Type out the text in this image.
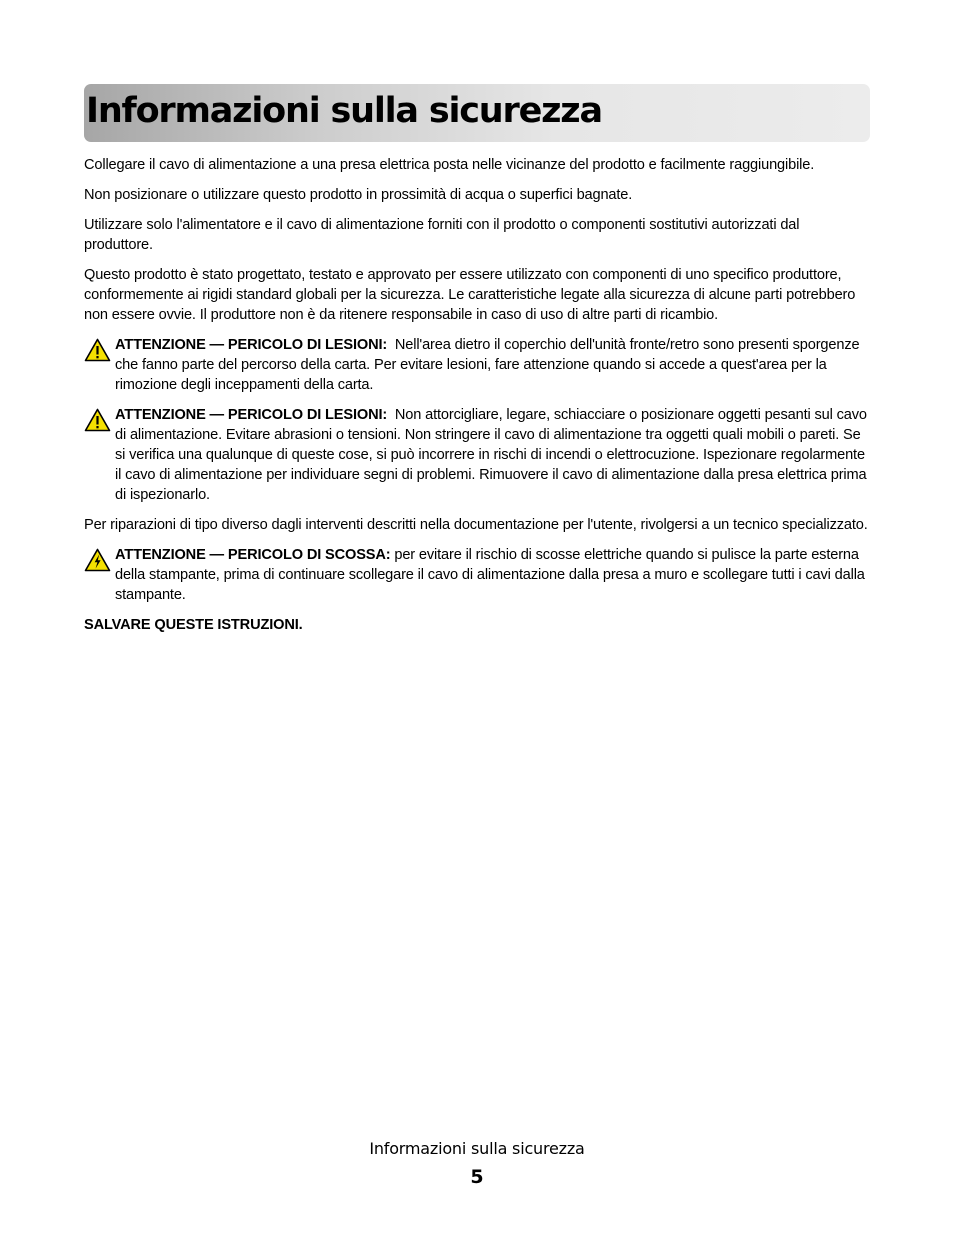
Informazioni sulla sicurezza

Collegare il cavo di alimentazione a una presa elettrica posta nelle vicinanze del prodotto e facilmente raggiungibile.

Non posizionare o utilizzare questo prodotto in prossimità di acqua o superfici bagnate.

Utilizzare solo l'alimentatore e il cavo di alimentazione forniti con il prodotto o componenti sostitutivi autorizzati dal produttore.

Questo prodotto è stato progettato, testato e approvato per essere utilizzato con componenti di uno specifico produttore, conformemente ai rigidi standard globali per la sicurezza. Le caratteristiche legate alla sicurezza di alcune parti potrebbero non essere ovvie. Il produttore non è da ritenere responsabile in caso di uso di altre parti di ricambio.

ATTENZIONE — PERICOLO DI LESIONI: Nell'area dietro il coperchio dell'unità fronte/retro sono presenti sporgenze che fanno parte del percorso della carta. Per evitare lesioni, fare attenzione quando si accede a quest'area per la rimozione degli inceppamenti della carta.
ATTENZIONE — PERICOLO DI LESIONI: Non attorcigliare, legare, schiacciare o posizionare oggetti pesanti sul cavo di alimentazione. Evitare abrasioni o tensioni. Non stringere il cavo di alimentazione tra oggetti quali mobili o pareti. Se si verifica una qualunque di queste cose, si può incorrere in rischi di incendi o elettrocuzione. Ispezionare regolarmente il cavo di alimentazione per individuare segni di problemi. Rimuovere il cavo di alimentazione dalla presa elettrica prima di ispezionarlo.

Per riparazioni di tipo diverso dagli interventi descritti nella documentazione per l'utente, rivolgersi a un tecnico specializzato.

ATTENZIONE — PERICOLO DI SCOSSA: per evitare il rischio di scosse elettriche quando si pulisce la parte esterna della stampante, prima di continuare scollegare il cavo di alimentazione dalla presa a muro e scollegare tutti i cavi dalla stampante.

SALVARE QUESTE ISTRUZIONI.

Informazioni sulla sicurezza
5
